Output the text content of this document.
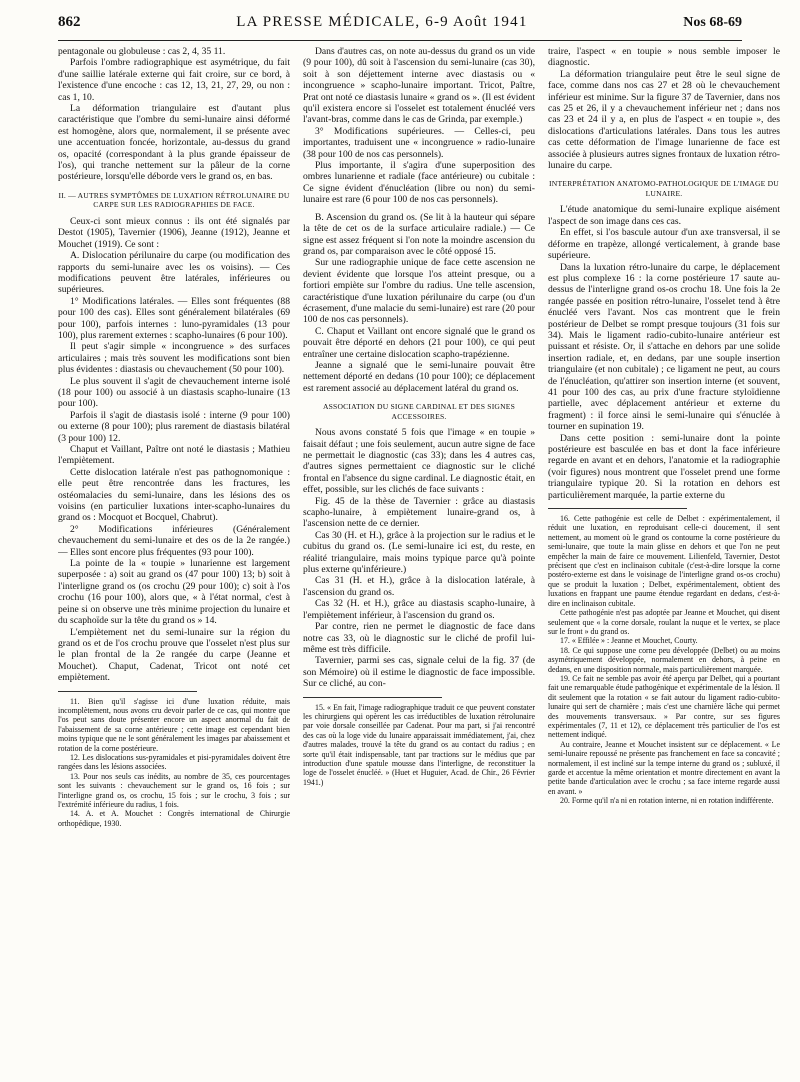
862	LA PRESSE MÉDICALE, 6-9 Août 1941	Nos 68-69

pentagonale ou globuleuse : cas 2, 4, 35 11.

Parfois l'ombre radiographique est asymétrique, du fait d'une saillie latérale externe qui fait croire, sur ce bord, à l'existence d'une encoche : cas 12, 13, 21, 27, 29, ou non : cas 1, 10.

La déformation triangulaire est d'autant plus caractéristique que l'ombre du semi-lunaire ainsi déformé est homogène, alors que, normalement, il se présente avec une accentuation foncée, horizontale, au-dessus du grand os, opacité (correspondant à la plus grande épaisseur de l'os), qui tranche nettement sur la pâleur de la corne postérieure, lorsqu'elle déborde vers le grand os, en bas.

II. — AUTRES SYMPTÔMES DE LUXATION RÉTROLUNAIRE DU CARPE SUR LES RADIOGRAPHIES DE FACE.

Ceux-ci sont mieux connus : ils ont été signalés par Destot (1905), Tavernier (1906), Jeanne (1912), Jeanne et Mouchet (1919). Ce sont :

A. Dislocation périlunaire du carpe (ou modification des rapports du semi-lunaire avec les os voisins). — Ces modifications peuvent être latérales, inférieures ou supérieures.

1° Modifications latérales. — Elles sont fréquentes (88 pour 100 des cas). Elles sont généralement bilatérales (69 pour 100), parfois internes : luno-pyramidales (13 pour 100), plus rarement externes : scapho-lunaires (6 pour 100).

Il peut s'agir simple « incongruence » des surfaces articulaires ; mais très souvent les modifications sont bien plus évidentes : diastasis ou chevauchement (50 pour 100).

Le plus souvent il s'agit de chevauchement interne isolé (18 pour 100) ou associé à un diastasis scapho-lunaire (13 pour 100).

Parfois il s'agit de diastasis isolé : interne (9 pour 100) ou externe (8 pour 100); plus rarement de diastasis bilatéral (3 pour 100) 12.

Chaput et Vaillant, Paître ont noté le diastasis ; Mathieu l'empiètement.

Cette dislocation latérale n'est pas pathognomonique : elle peut être rencontrée dans les fractures, les ostéomalacies du semi-lunaire, dans les lésions des os voisins (en particulier luxations inter-scapho-lunaires du grand os : Mocquot et Bocquel, Chabrut).

2° Modifications inférieures (Généralement chevauchement du semi-lunaire et des os de la 2e rangée.) — Elles sont encore plus fréquentes (93 pour 100).

La pointe de la « toupie » lunarienne est largement superposée : a) soit au grand os (47 pour 100) 13; b) soit à l'interligne grand os (os crochu (29 pour 100); c) soit à l'os crochu (16 pour 100), alors que, « à l'état normal, c'est à peine si on observe une très minime projection du lunaire et du scaphoïde sur la tête du grand os » 14.

L'empiètement net du semi-lunaire sur la région du grand os et de l'os crochu prouve que l'osselet n'est plus sur le plan frontal de la 2e rangée du carpe (Jeanne et Mouchet). Chaput, Cadenat, Tricot ont noté cet empiètement.

11. Bien qu'il s'agisse ici d'une luxation réduite, mais incomplètement, nous avons cru devoir parler de ce cas, qui montre que l'os peut sans doute présenter encore un aspect anormal du fait de l'abaissement de sa corne antérieure ; cette image est cependant bien moins typique que ne le sont généralement les images par abaissement et rotation de la corne postérieure.

12. Les dislocations sus-pyramidales et pisi-pyramidales doivent être rangées dans les lésions associées.

13. Pour nos seuls cas inédits, au nombre de 35, ces pourcentages sont les suivants : chevauchement sur le grand os, 16 fois ; sur l'interligne grand os, os crochu, 15 fois ; sur le crochu, 3 fois ; sur l'extrémité inférieure du radius, 1 fois.

14. A. et A. Mouchet : Congrès international de Chirurgie orthopédique, 1930.

Dans d'autres cas, on note au-dessus du grand os un vide (9 pour 100), dû soit à l'ascension du semi-lunaire (cas 30), soit à son déjettement interne avec diastasis ou « incongruence » scapho-lunaire important. Tricot, Paître, Prat ont noté ce diastasis lunaire « grand os ». (Il est évident qu'il existera encore si l'osselet est totalement énucléé vers l'avant-bras, comme dans le cas de Grinda, par exemple.)

3° Modifications supérieures. — Celles-ci, peu importantes, traduisent une « incongruence » radio-lunaire (38 pour 100 de nos cas personnels).

Plus importante, il s'agira d'une superposition des ombres lunarienne et radiale (face antérieure) ou cubitale : Ce signe évident d'énucléation (libre ou non) du semi-lunaire est rare (6 pour 100 de nos cas personnels).

B. Ascension du grand os. (Se lit à la hauteur qui sépare la tête de cet os de la surface articulaire radiale.) — Ce signe est assez fréquent si l'on note la moindre ascension du grand os, par comparaison avec le côté opposé 15.

Sur une radiographie unique de face cette ascension ne devient évidente que lorsque l'os atteint presque, ou a fortiori empiète sur l'ombre du radius. Une telle ascension, caractéristique d'une luxation périlunaire du carpe (ou d'un écrasement, d'une malacie du semi-lunaire) est rare (20 pour 100 de nos cas personnels).

C. Chaput et Vaillant ont encore signalé que le grand os pouvait être déporté en dehors (21 pour 100), ce qui peut entraîner une certaine dislocation scapho-trapézienne.

Jeanne a signalé que le semi-lunaire pouvait être nettement déporté en dedans (10 pour 100); ce déplacement est rarement associé au déplacement latéral du grand os.

ASSOCIATION DU SIGNE CARDINAL ET DES SIGNES ACCESSOIRES.

Nous avons constaté 5 fois que l'image « en toupie » faisait défaut ; une fois seulement, aucun autre signe de face ne permettait le diagnostic (cas 33); dans les 4 autres cas, d'autres signes permettaient ce diagnostic sur le cliché frontal en l'absence du signe cardinal. Le diagnostic était, en effet, possible, sur les clichés de face suivants :

Fig. 45 de la thèse de Tavernier : grâce au diastasis scapho-lunaire, à empiètement lunaire-grand os, à l'ascension nette de ce dernier.

Cas 30 (H. et H.), grâce à la projection sur le radius et le cubitus du grand os. (Le semi-lunaire ici est, du reste, en réalité triangulaire, mais moins typique parce qu'à pointe plus externe qu'inférieure.)

Cas 31 (H. et H.), grâce à la dislocation latérale, à l'ascension du grand os.

Cas 32 (H. et H.), grâce au diastasis scapho-lunaire, à l'empiètement inférieur, à l'ascension du grand os.

Par contre, rien ne permet le diagnostic de face dans notre cas 33, où le diagnostic sur le cliché de profil lui-même est très difficile.

Tavernier, parmi ses cas, signale celui de la fig. 37 (de son Mémoire) où il estime le diagnostic de face impossible. Sur ce cliché, au con-

15. « En fait, l'image radiographique traduit ce que peuvent constater les chirurgiens qui opèrent les cas irréductibles de luxation rétrolunaire par voie dorsale conseillée par Cadenat. Pour ma part, si j'ai rencontré des cas où la loge vide du lunaire apparaissait immédiatement, j'ai, chez d'autres malades, trouvé la tête du grand os au contact du radius ; en sorte qu'il était indispensable, tant par tractions sur le médius que par introduction d'une spatule mousse dans l'interligne, de reconstituer la loge de l'osselet énucléé. » (Huet et Huguier, Acad. de Chir., 26 Février 1941.)

traire, l'aspect « en toupie » nous semble imposer le diagnostic.

La déformation triangulaire peut être le seul signe de face, comme dans nos cas 27 et 28 où le chevauchement inférieur est minime. Sur la figure 37 de Tavernier, dans nos cas 25 et 26, il y a chevauchement inférieur net ; dans nos cas 23 et 24 il y a, en plus de l'aspect « en toupie », des dislocations d'articulations latérales. Dans tous les autres cas cette déformation de l'image lunarienne de face est associée à plusieurs autres signes frontaux de luxation rétro-lunaire du carpe.

INTERPRÉTATION ANATOMO-PATHOLOGIQUE DE L'IMAGE DU LUNAIRE.

L'étude anatomique du semi-lunaire explique aisément l'aspect de son image dans ces cas.

En effet, si l'os bascule autour d'un axe transversal, il se déforme en trapèze, allongé verticalement, à grande base supérieure.

Dans la luxation rétro-lunaire du carpe, le déplacement est plus complexe 16 : la corne postérieure 17 saute au-dessus de l'interligne grand os-os crochu 18. Une fois la 2e rangée passée en position rétro-lunaire, l'osselet tend à être énucléé vers l'avant. Nos cas montrent que le frein postérieur de Delbet se rompt presque toujours (31 fois sur 34). Mais le ligament radio-cubito-lunaire antérieur est puissant et résiste. Or, il s'attache en dehors par une solide insertion radiale, et, en dedans, par une souple insertion triangulaire (et non cubitale) ; ce ligament ne peut, au cours de l'énucléation, qu'attirer son insertion interne (et souvent, 41 pour 100 des cas, au prix d'une fracture styloïdienne partielle, avec déplacement antérieur et externe du fragment) : il force ainsi le semi-lunaire qui s'énuclée à tourner en supination 19.

Dans cette position : semi-lunaire dont la pointe postérieure est basculée en bas et dont la face inférieure regarde en avant et en dehors, l'anatomie et la radiographie (voir figures) nous montrent que l'osselet prend une forme triangulaire typique 20. Si la rotation en dehors est particulièrement marquée, la partie externe du

16. Cette pathogénie est celle de Delbet : expérimentalement, il réduit une luxation, en reproduisant celle-ci doucement, il sent nettement, au moment où le grand os contourne la corne postérieure du semi-lunaire, que toute la main glisse en dehors et que l'on ne peut empêcher la main de faire ce mouvement. Lilienfeld, Tavernier, Destot précisent que c'est en inclinaison cubitale (c'est-à-dire lorsque la corne postéro-externe est dans le voisinage de l'interligne grand os-os crochu) que se produit la luxation ; Delbet, expérimentalement, obtient des luxations en frappant une paume étendue regardant en dedans, c'est-à-dire en inclinaison cubitale.

Cette pathogénie n'est pas adoptée par Jeanne et Mouchet, qui disent seulement que « la corne dorsale, roulant la nuque et le vertex, se place sur le front » du grand os.

17. « Effilée » : Jeanne et Mouchet, Courty.

18. Ce qui suppose une corne peu développée (Delbet) ou au moins asymétriquement développée, normalement en dehors, à peine en dedans, en une disposition normale, mais particulièrement marquée.

19. Ce fait ne semble pas avoir été aperçu par Delbet, qui a pourtant fait une remarquable étude pathogénique et expérimentale de la lésion. Il dit seulement que la rotation « se fait autour du ligament radio-cubito-lunaire qui sert de charnière ; mais c'est une charnière lâche qui permet des mouvements transversaux. » Par contre, sur ses figures expérimentales (7, 11 et 12), ce déplacement très particulier de l'os est nettement indiqué.

Au contraire, Jeanne et Mouchet insistent sur ce déplacement. « Le semi-lunaire repoussé ne présente pas franchement en face sa concavité ; normalement, il est incliné sur la tempe interne du grand os ; subluxé, il garde et accentue la même orientation et montre directement en avant la petite bande d'articulation avec le crochu ; sa face interne regarde aussi en avant. »

20. Forme qu'il n'a ni en rotation interne, ni en rotation indifférente.
